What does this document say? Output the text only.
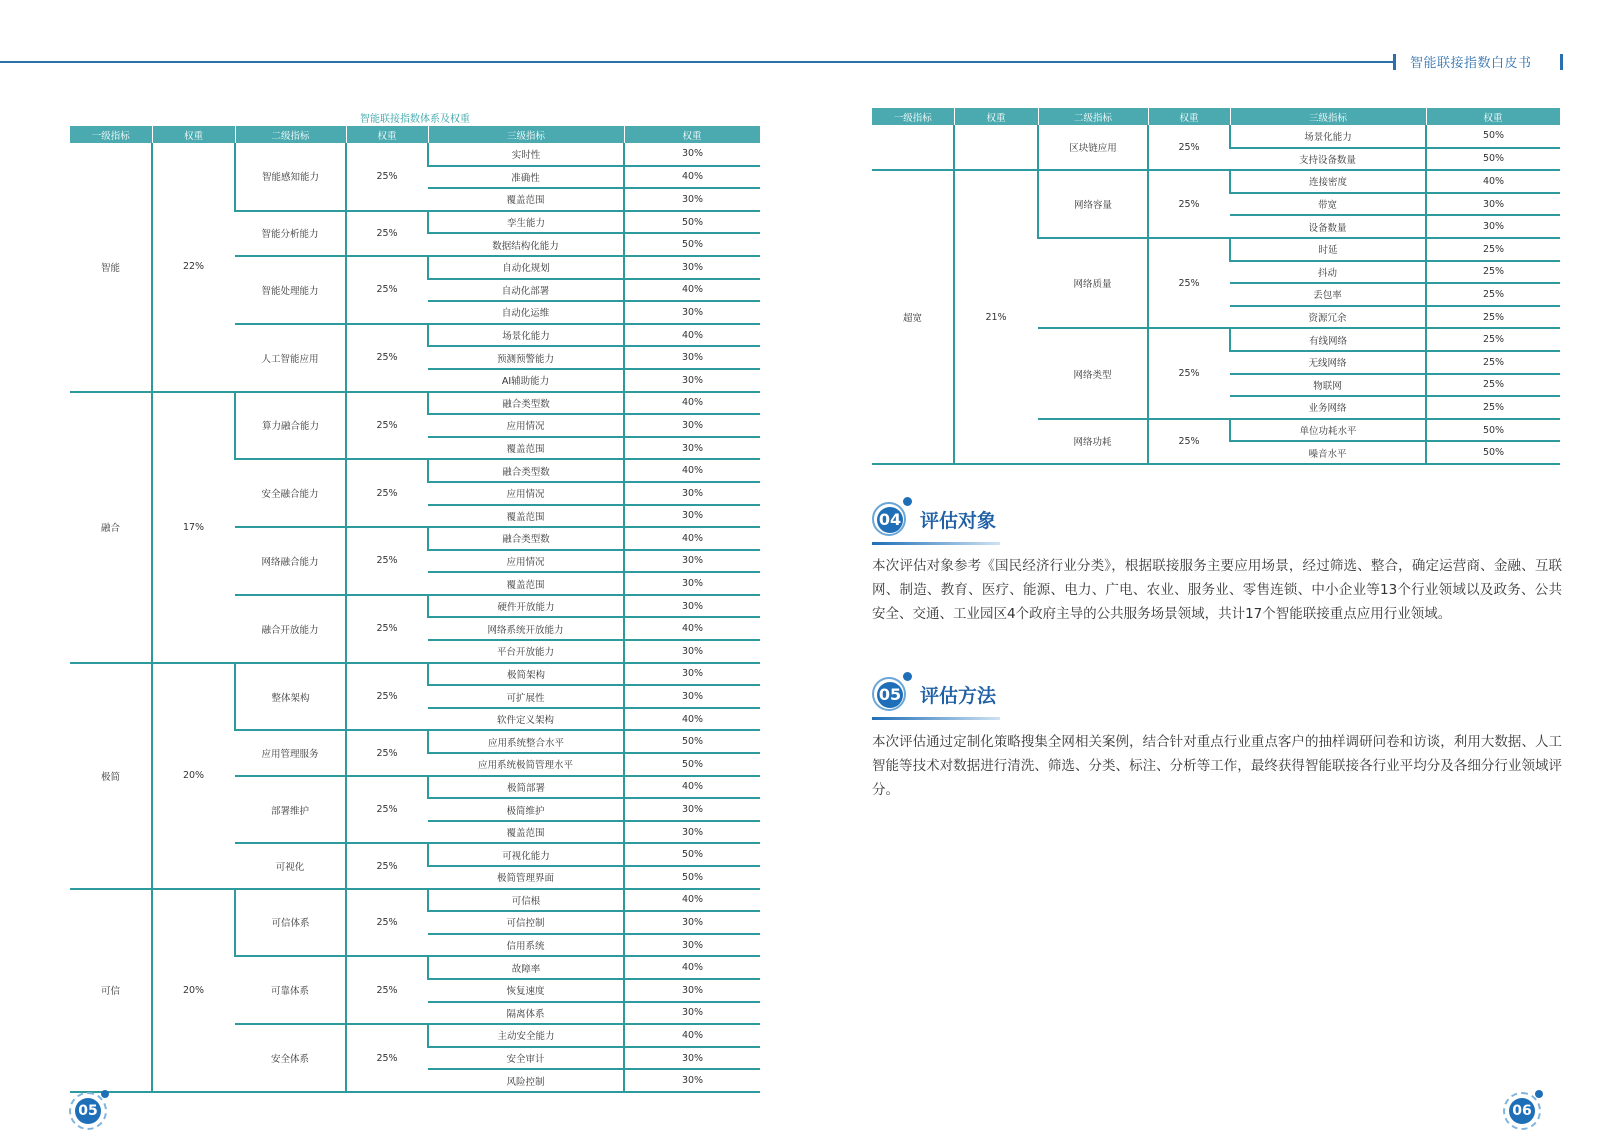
智能联接指数白皮书
智能联接指数体系及权重
一级指标	权重	二级指标	权重	三级指标	权重
智能	22%	智能感知能力	25%	实时性	30%
				准确性	40%
				覆盖范围	30%
		智能分析能力	25%	孪生能力	50%
				数据结构化能力	50%
		智能处理能力	25%	自动化规划	30%
				自动化部署	40%
				自动化运维	30%
		人工智能应用	25%	场景化能力	40%
				预测预警能力	30%
				AI辅助能力	30%
融合	17%	算力融合能力	25%	融合类型数	40%
				应用情况	30%
				覆盖范围	30%
		安全融合能力	25%	融合类型数	40%
				应用情况	30%
				覆盖范围	30%
		网络融合能力	25%	融合类型数	40%
				应用情况	30%
				覆盖范围	30%
		融合开放能力	25%	硬件开放能力	30%
				网络系统开放能力	40%
				平台开放能力	30%
极简	20%	整体架构	25%	极简架构	30%
				可扩展性	30%
				软件定义架构	40%
		应用管理服务	25%	应用系统整合水平	50%
				应用系统极简管理水平	50%
		部署维护	25%	极简部署	40%
				极简维护	30%
				覆盖范围	30%
		可视化	25%	可视化能力	50%
				极简管理界面	50%
可信	20%	可信体系	25%	可信根	40%
				可信控制	30%
				信用系统	30%
		可靠体系	25%	故障率	40%
				恢复速度	30%
				隔离体系	30%
		安全体系	25%	主动安全能力	40%
				安全审计	30%
				风险控制	30%
一级指标	权重	二级指标	权重	三级指标	权重
		区块链应用	25%	场景化能力	50%
				支持设备数量	50%
超宽	21%	网络容量	25%	连接密度	40%
				带宽	30%
				设备数量	30%
		网络质量	25%	时延	25%
				抖动	25%
				丢包率	25%
				资源冗余	25%
		网络类型	25%	有线网络	25%
				无线网络	25%
				物联网	25%
				业务网络	25%
		网络功耗	25%	单位功耗水平	50%
				噪音水平	50%
04 评估对象
本次评估对象参考《国民经济行业分类》，根据联接服务主要应用场景，经过筛选、整合，确定运营商、金融、互联网、制造、教育、医疗、能源、电力、广电、农业、服务业、零售连锁、中小企业等13个行业领域以及政务、公共安全、交通、工业园区4个政府主导的公共服务场景领域，共计17个智能联接重点应用行业领域。
05 评估方法
本次评估通过定制化策略搜集全网相关案例，结合针对重点行业重点客户的抽样调研问卷和访谈，利用大数据、人工智能等技术对数据进行清洗、筛选、分类、标注、分析等工作，最终获得智能联接各行业平均分及各细分行业领域评分。
05	06
